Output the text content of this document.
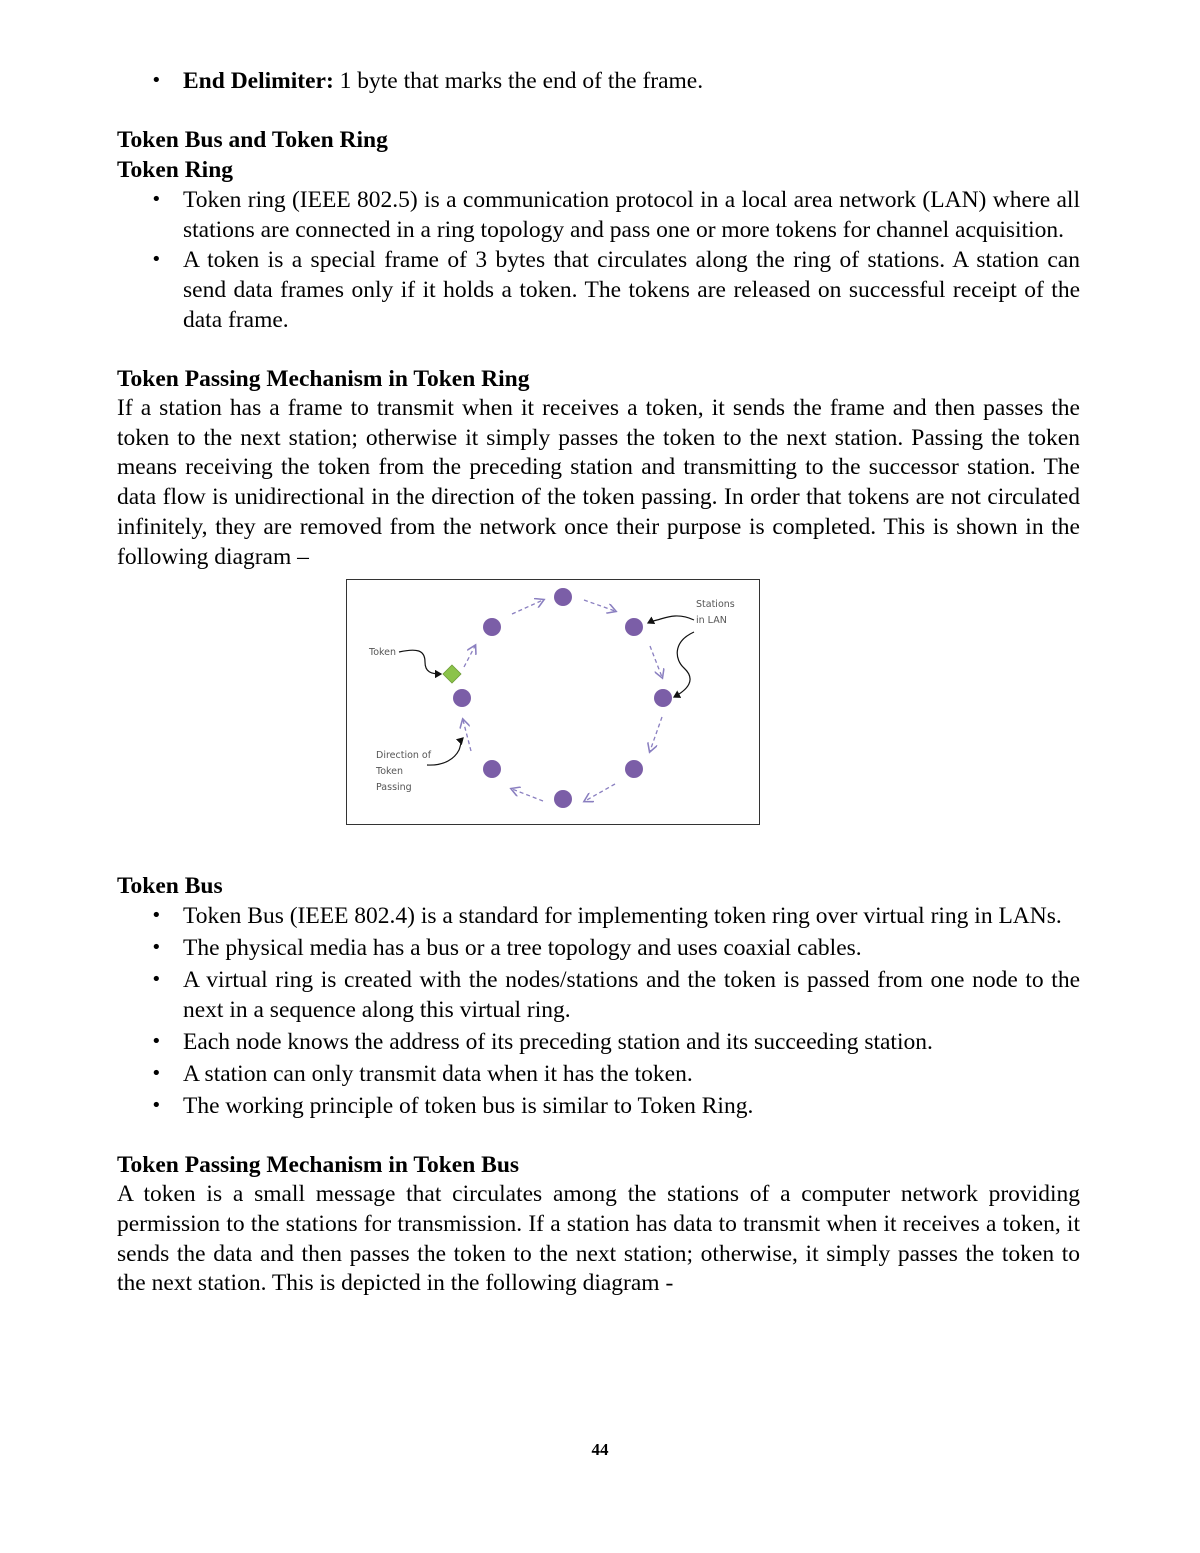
• End Delimiter: 1 byte that marks the end of the frame.
Token Bus and Token Ring
Token Ring
• Token ring (IEEE 802.5) is a communication protocol in a local area network (LAN) where all stations are connected in a ring topology and pass one or more tokens for channel acquisition.
• A token is a special frame of 3 bytes that circulates along the ring of stations. A station can send data frames only if it holds a token. The tokens are released on successful receipt of the data frame.
Token Passing Mechanism in Token Ring

If a station has a frame to transmit when it receives a token, it sends the frame and then passes the token to the next station; otherwise it simply passes the token to the next station. Passing the token means receiving the token from the preceding station and transmitting to the successor station. The data flow is unidirectional in the direction of the token passing. In order that tokens are not circulated infinitely, they are removed from the network once their purpose is completed. This is shown in the following diagram –

Token
Stations
in LAN
Direction of
Token
Passing
Token Bus
• Token Bus (IEEE 802.4) is a standard for implementing token ring over virtual ring in LANs.
• The physical media has a bus or a tree topology and uses coaxial cables.
• A virtual ring is created with the nodes/stations and the token is passed from one node to the next in a sequence along this virtual ring.
• Each node knows the address of its preceding station and its succeeding station.
• A station can only transmit data when it has the token.
• The working principle of token bus is similar to Token Ring.
Token Passing Mechanism in Token Bus

A token is a small message that circulates among the stations of a computer network providing permission to the stations for transmission. If a station has data to transmit when it receives a token, it sends the data and then passes the token to the next station; otherwise, it simply passes the token to the next station. This is depicted in the following diagram -

44
